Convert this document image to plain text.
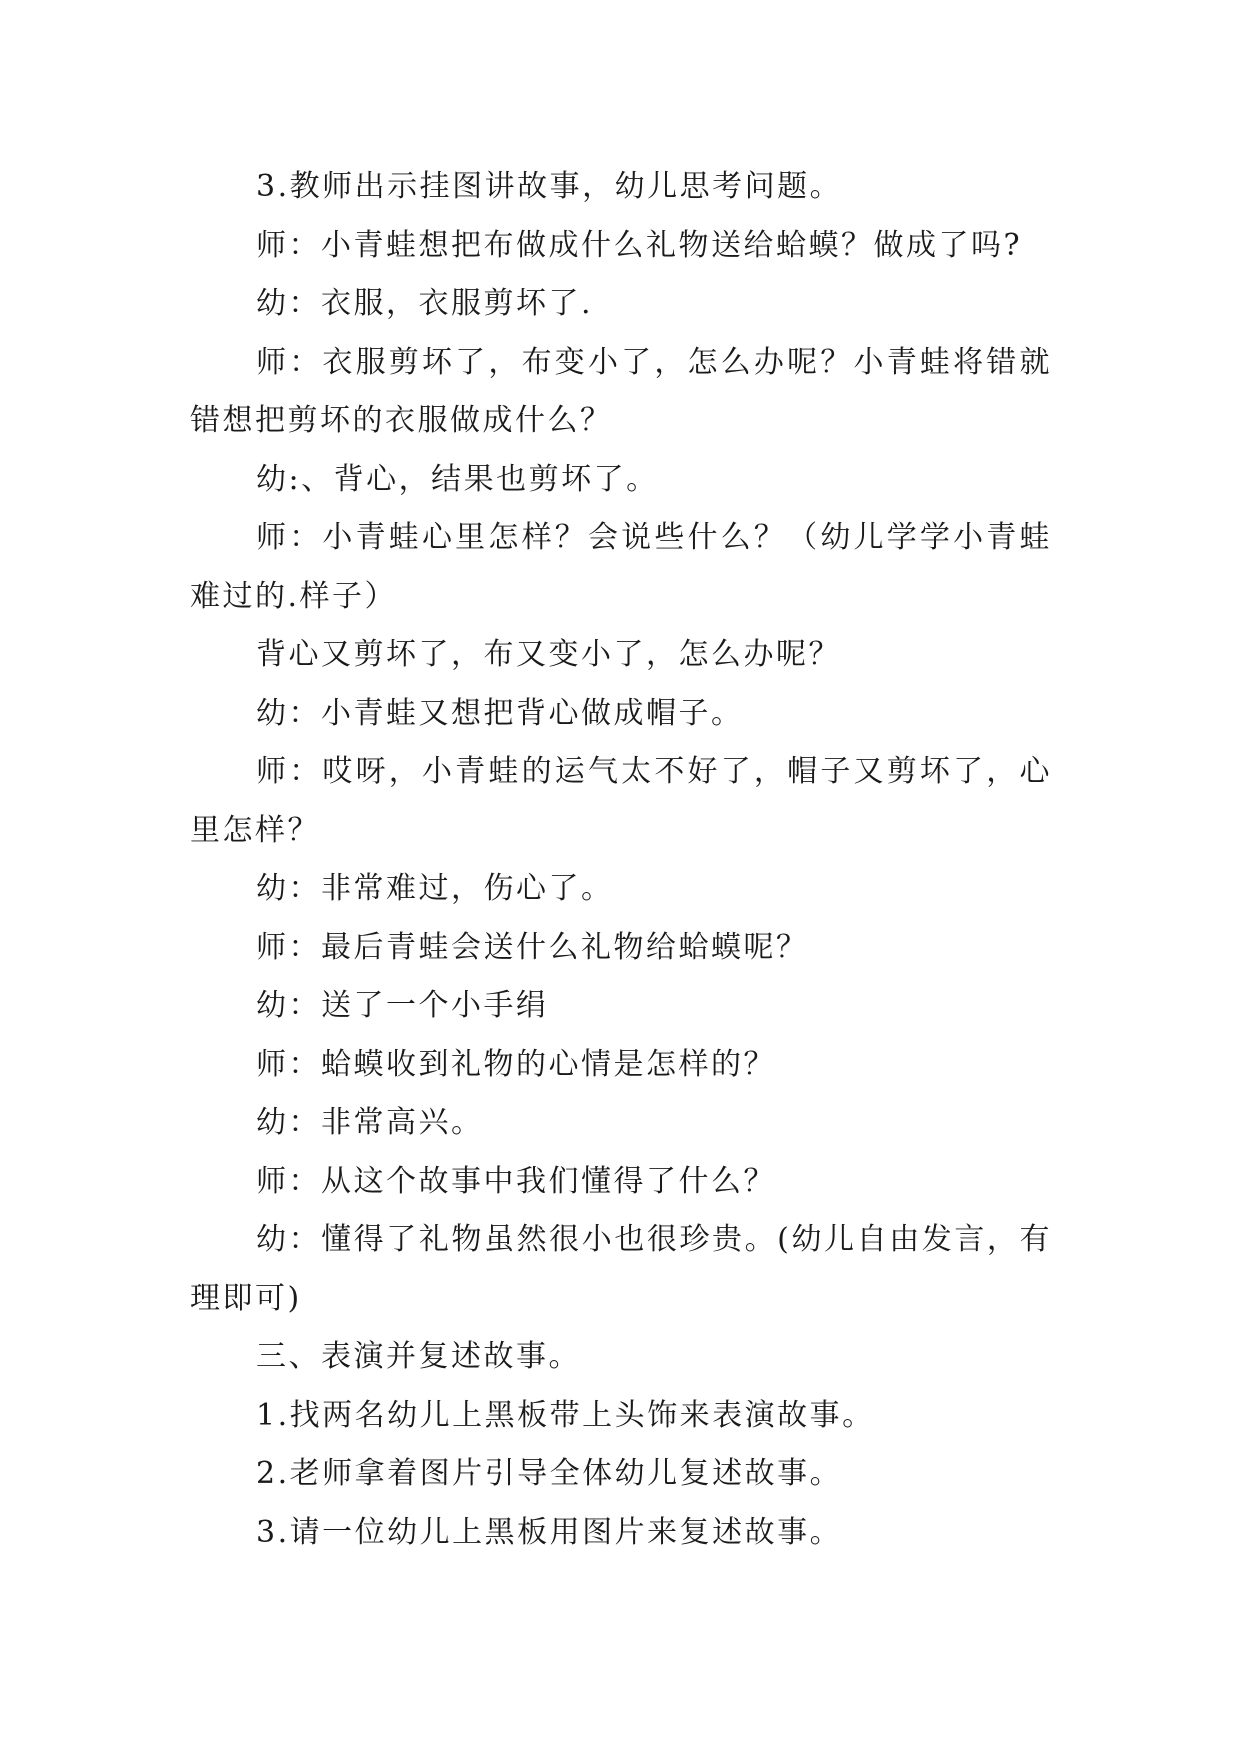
3.教师出示挂图讲故事，幼儿思考问题。

师：小青蛙想把布做成什么礼物送给蛤蟆？做成了吗?

幼：衣服，衣服剪坏了.

师：衣服剪坏了，布变小了，怎么办呢？小青蛙将错就错想把剪坏的衣服做成什么？

幼:、背心，结果也剪坏了。

师：小青蛙心里怎样？会说些什么？（幼儿学学小青蛙难过的.样子）

背心又剪坏了，布又变小了，怎么办呢？

幼：小青蛙又想把背心做成帽子。

师：哎呀，小青蛙的运气太不好了，帽子又剪坏了，心里怎样？

幼：非常难过，伤心了。

师：最后青蛙会送什么礼物给蛤蟆呢？

幼：送了一个小手绢

师：蛤蟆收到礼物的心情是怎样的？

幼：非常高兴。

师：从这个故事中我们懂得了什么？

幼：懂得了礼物虽然很小也很珍贵。(幼儿自由发言，有理即可)

三、表演并复述故事。

1.找两名幼儿上黑板带上头饰来表演故事。

2.老师拿着图片引导全体幼儿复述故事。

3.请一位幼儿上黑板用图片来复述故事。
